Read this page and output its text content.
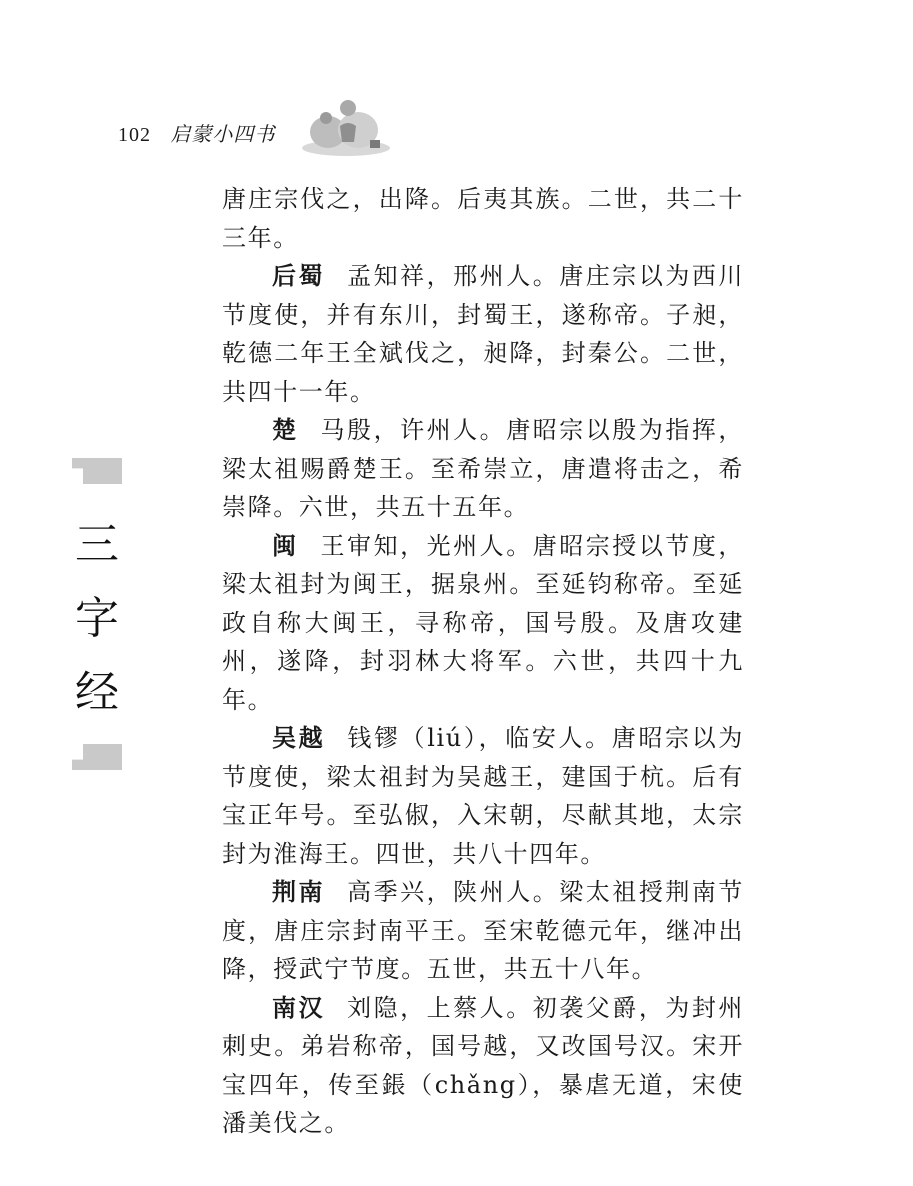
102 启蒙小四书
三
字
经

唐庄宗伐之，出降。后夷其族。二世，共二十三年。

后蜀 孟知祥，邢州人。唐庄宗以为西川节度使，并有东川，封蜀王，遂称帝。子昶，乾德二年王全斌伐之，昶降，封秦公。二世，共四十一年。

楚 马殷，许州人。唐昭宗以殷为指挥，梁太祖赐爵楚王。至希崇立，唐遣将击之，希崇降。六世，共五十五年。

闽 王审知，光州人。唐昭宗授以节度，梁太祖封为闽王，据泉州。至延钧称帝。至延政自称大闽王，寻称帝，国号殷。及唐攻建州，遂降，封羽林大将军。六世，共四十九年。

吴越 钱镠（liú），临安人。唐昭宗以为节度使，梁太祖封为吴越王，建国于杭。后有宝正年号。至弘俶，入宋朝，尽献其地，太宗封为淮海王。四世，共八十四年。

荆南 高季兴，陕州人。梁太祖授荆南节度，唐庄宗封南平王。至宋乾德元年，继冲出降，授武宁节度。五世，共五十八年。

南汉 刘隐，上蔡人。初袭父爵，为封州刺史。弟岩称帝，国号越，又改国号汉。宋开宝四年，传至鋹（chǎng），暴虐无道，宋使潘美伐之。
